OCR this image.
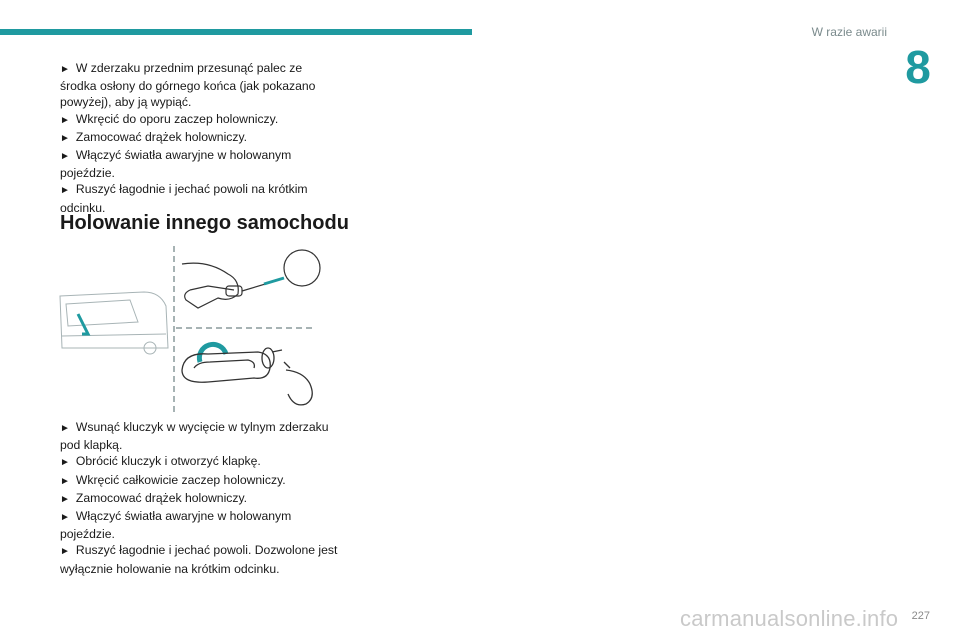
W razie awarii
8

► W zderzaku przednim przesunąć palec ze środka osłony do górnego końca (jak pokazano powyżej), aby ją wypiąć.

► Wkręcić do oporu zaczep holowniczy.

► Zamocować drążek holowniczy.

► Włączyć światła awaryjne w holowanym pojeździe.

► Ruszyć łagodnie i jechać powoli na krótkim odcinku.

Holowanie innego samochodu

► Wsunąć kluczyk w wycięcie w tylnym zderzaku pod klapką.

► Obrócić kluczyk i otworzyć klapkę.

► Wkręcić całkowicie zaczep holowniczy.

► Zamocować drążek holowniczy.

► Włączyć światła awaryjne w holowanym pojeździe.

► Ruszyć łagodnie i jechać powoli. Dozwolone jest wyłącznie holowanie na krótkim odcinku.

carmanualsonline.info 227
